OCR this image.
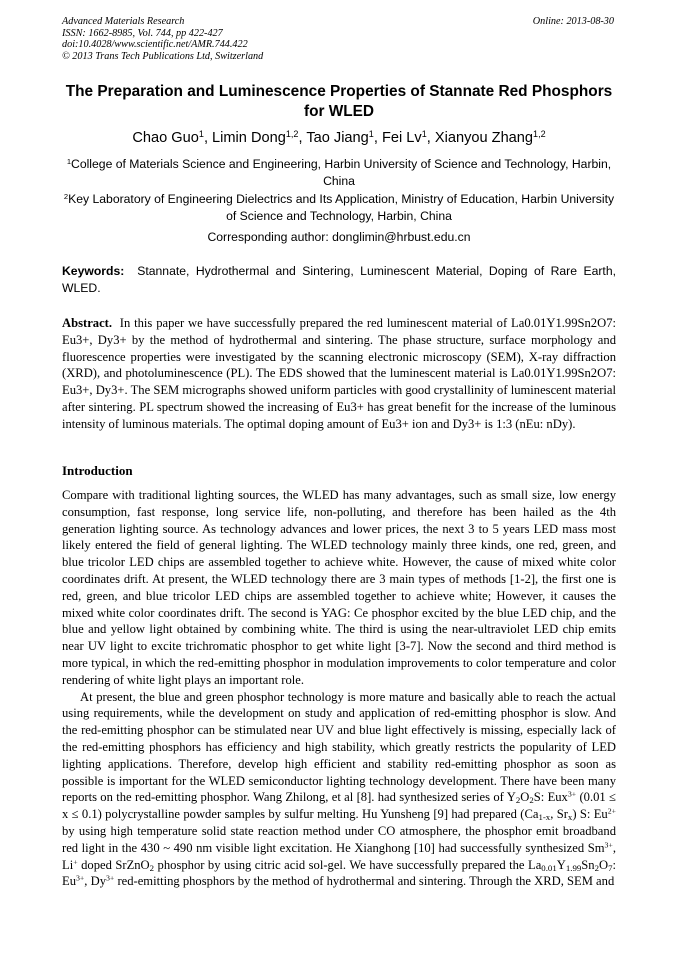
Advanced Materials Research	Online: 2013-08-30
ISSN: 1662-8985, Vol. 744, pp 422-427
doi:10.4028/www.scientific.net/AMR.744.422
© 2013 Trans Tech Publications Ltd, Switzerland
The Preparation and Luminescence Properties of Stannate Red Phosphors for WLED
Chao Guo$^1$, Limin Dong$^{1,2}$, Tao Jiang$^1$, Fei Lv$^1$, Xianyou Zhang$^{1,2}$
$^1$College of Materials Science and Engineering, Harbin University of Science and Technology, Harbin, China
$^2$Key Laboratory of Engineering Dielectrics and Its Application, Ministry of Education, Harbin University of Science and Technology, Harbin, China
Corresponding author: donglimin@hrbust.edu.cn
Keywords: Stannate, Hydrothermal and Sintering, Luminescent Material, Doping of Rare Earth, WLED.
Abstract. In this paper we have successfully prepared the red luminescent material of La0.01Y1.99Sn2O7: Eu3+, Dy3+ by the method of hydrothermal and sintering. The phase structure, surface morphology and fluorescence properties were investigated by the scanning electronic microscopy (SEM), X-ray diffraction (XRD), and photoluminescence (PL). The EDS showed that the luminescent material is La0.01Y1.99Sn2O7: Eu3+, Dy3+. The SEM micrographs showed uniform particles with good crystallinity of luminescent material after sintering. PL spectrum showed the increasing of Eu3+ has great benefit for the increase of the luminous intensity of luminous materials. The optimal doping amount of Eu3+ ion and Dy3+ is 1:3 (nEu: nDy).
Introduction

Compare with traditional lighting sources, the WLED has many advantages, such as small size, low energy consumption, fast response, long service life, non-polluting, and therefore has been hailed as the 4th generation lighting source. As technology advances and lower prices, the next 3 to 5 years LED mass most likely entered the field of general lighting. The WLED technology mainly three kinds, one red, green, and blue tricolor LED chips are assembled together to achieve white. However, the cause of mixed white color coordinates drift. At present, the WLED technology there are 3 main types of methods [1-2], the first one is red, green, and blue tricolor LED chips are assembled together to achieve white; However, it causes the mixed white color coordinates drift. The second is YAG: Ce phosphor excited by the blue LED chip, and the blue and yellow light obtained by combining white. The third is using the near-ultraviolet LED chip emits near UV light to excite trichromatic phosphor to get white light [3-7]. Now the second and third method is more typical, in which the red-emitting phosphor in modulation improvements to color temperature and color rendering of white light plays an important role.

At present, the blue and green phosphor technology is more mature and basically able to reach the actual using requirements, while the development on study and application of red-emitting phosphor is slow. And the red-emitting phosphor can be stimulated near UV and blue light effectively is missing, especially lack of the red-emitting phosphors has efficiency and high stability, which greatly restricts the popularity of LED lighting applications. Therefore, develop high efficient and stability red-emitting phosphor as soon as possible is important for the WLED semiconductor lighting technology development. There have been many reports on the red-emitting phosphor. Wang Zhilong, et al [8]. had synthesized series of $Y_2O_2S$: Eux$^{3+}$ (0.01 ≤ x ≤ 0.1) polycrystalline powder samples by sulfur melting. Hu Yunsheng [9] had prepared ($Ca_{1-x}$, $Sr_x$) S: $Eu^{2+}$ by using high temperature solid state reaction method under CO atmosphere, the phosphor emit broadband red light in the 430 ~ 490 nm visible light excitation. He Xianghong [10] had successfully synthesized $Sm^{3+}$, Li+ doped SrZnO$_2$ phosphor by using citric acid sol-gel. We have successfully prepared the $La_{0.01}Y_{1.99}Sn_2O_7$: $Eu^{3+}$, $Dy^{3+}$ red-emitting phosphors by the method of hydrothermal and sintering. Through the XRD, SEM and
